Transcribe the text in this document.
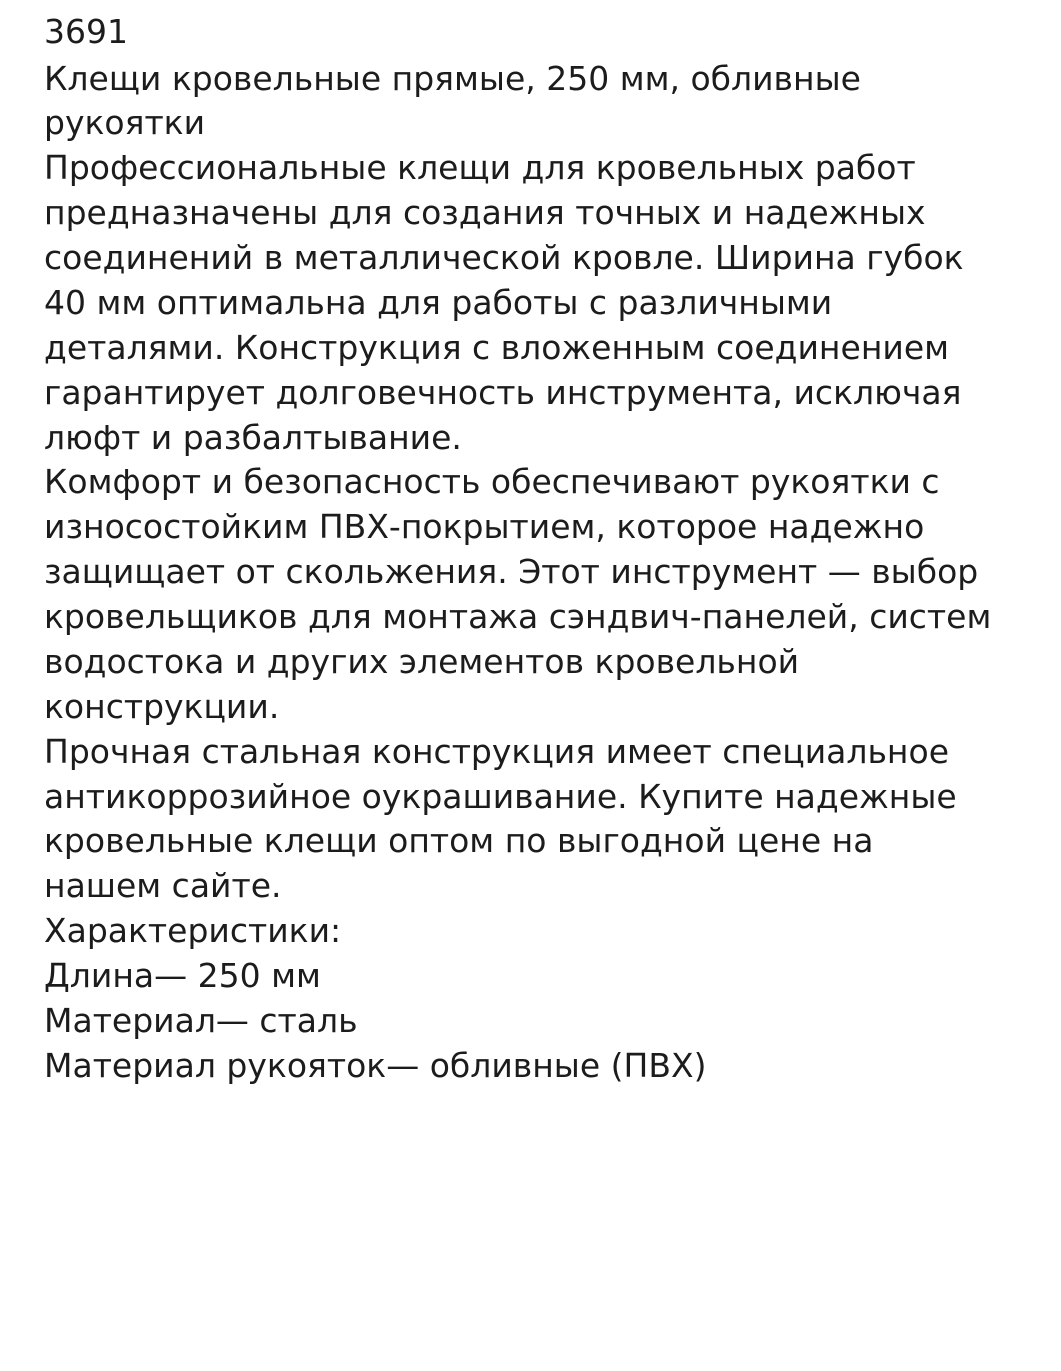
3691
Клещи кровельные прямые, 250 мм, обливные рукоятки

Профессиональные клещи для кровельных работ предназначены для создания точных и надежных соединений в металлической кровле. Ширина губок 40 мм оптимальна для работы с различными деталями. Конструкция с вложенным соединением гарантирует долговечность инструмента, исключая люфт и разбалтывание.

Комфорт и безопасность обеспечивают рукоятки с износостойким ПВХ-покрытием, которое надежно защищает от скольжения. Этот инструмент — выбор кровельщиков для монтажа сэндвич-панелей, систем водостока и других элементов кровельной конструкции.

Прочная стальная конструкция имеет специальное антикоррозийное оукрашивание. Купите надежные кровельные клещи оптом по выгодной цене на нашем сайте.

Характеристики:
Длина— 250 мм
Материал— сталь
Материал рукояток— обливные (ПВХ)
